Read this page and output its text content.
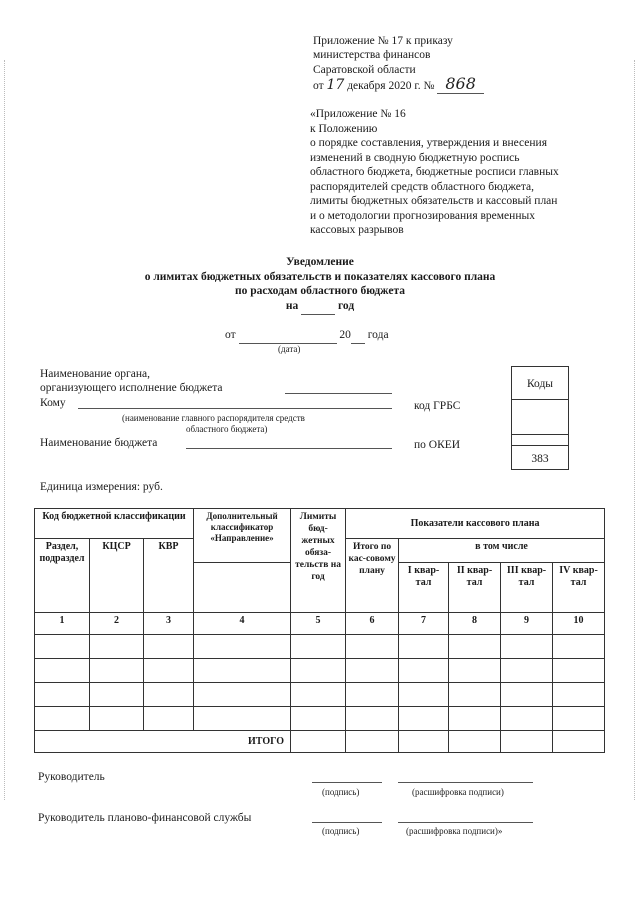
Приложение № 17 к приказу
министерства финансов
Саратовской области
от 17 декабря 2020 г. № 868
«Приложение № 16
к Положению
о порядке составления, утверждения и внесения
изменений в сводную бюджетную роспись
областного бюджета, бюджетные росписи главных
распорядителей средств областного бюджета,
лимиты бюджетных обязательств и кассовый план
и о методологии прогнозирования временных
кассовых разрывов
Уведомление
о лимитах бюджетных обязательств и показателях кассового плана
по расходам областного бюджета
на	год
от	20 года
(дата)
Коды
383
Наименование органа,
организующего исполнение бюджета
Кому	код ГРБС
(наименование главного распорядителя средств
областного бюджета)
Наименование бюджета	по ОКЕИ
Единица измерения: руб.
Код бюджетной классификации			Дополнительный классификатор «Направление»	Лимиты бюд-жетных обяза-тельств на год	Показатели кассового плана				
Раздел, подраздел	КЦСР	КВР			Итого по кас-совому плану	в том числе			
						I квар-тал	II квар-тал	III квар-тал	IV квар-тал
1	2	3	4	5	6	7	8	9	10

ИТОГО									
Руководитель
(подпись)	(расшифровка подписи)
Руководитель планово-финансовой службы
(подпись)	(расшифровка подписи)»
